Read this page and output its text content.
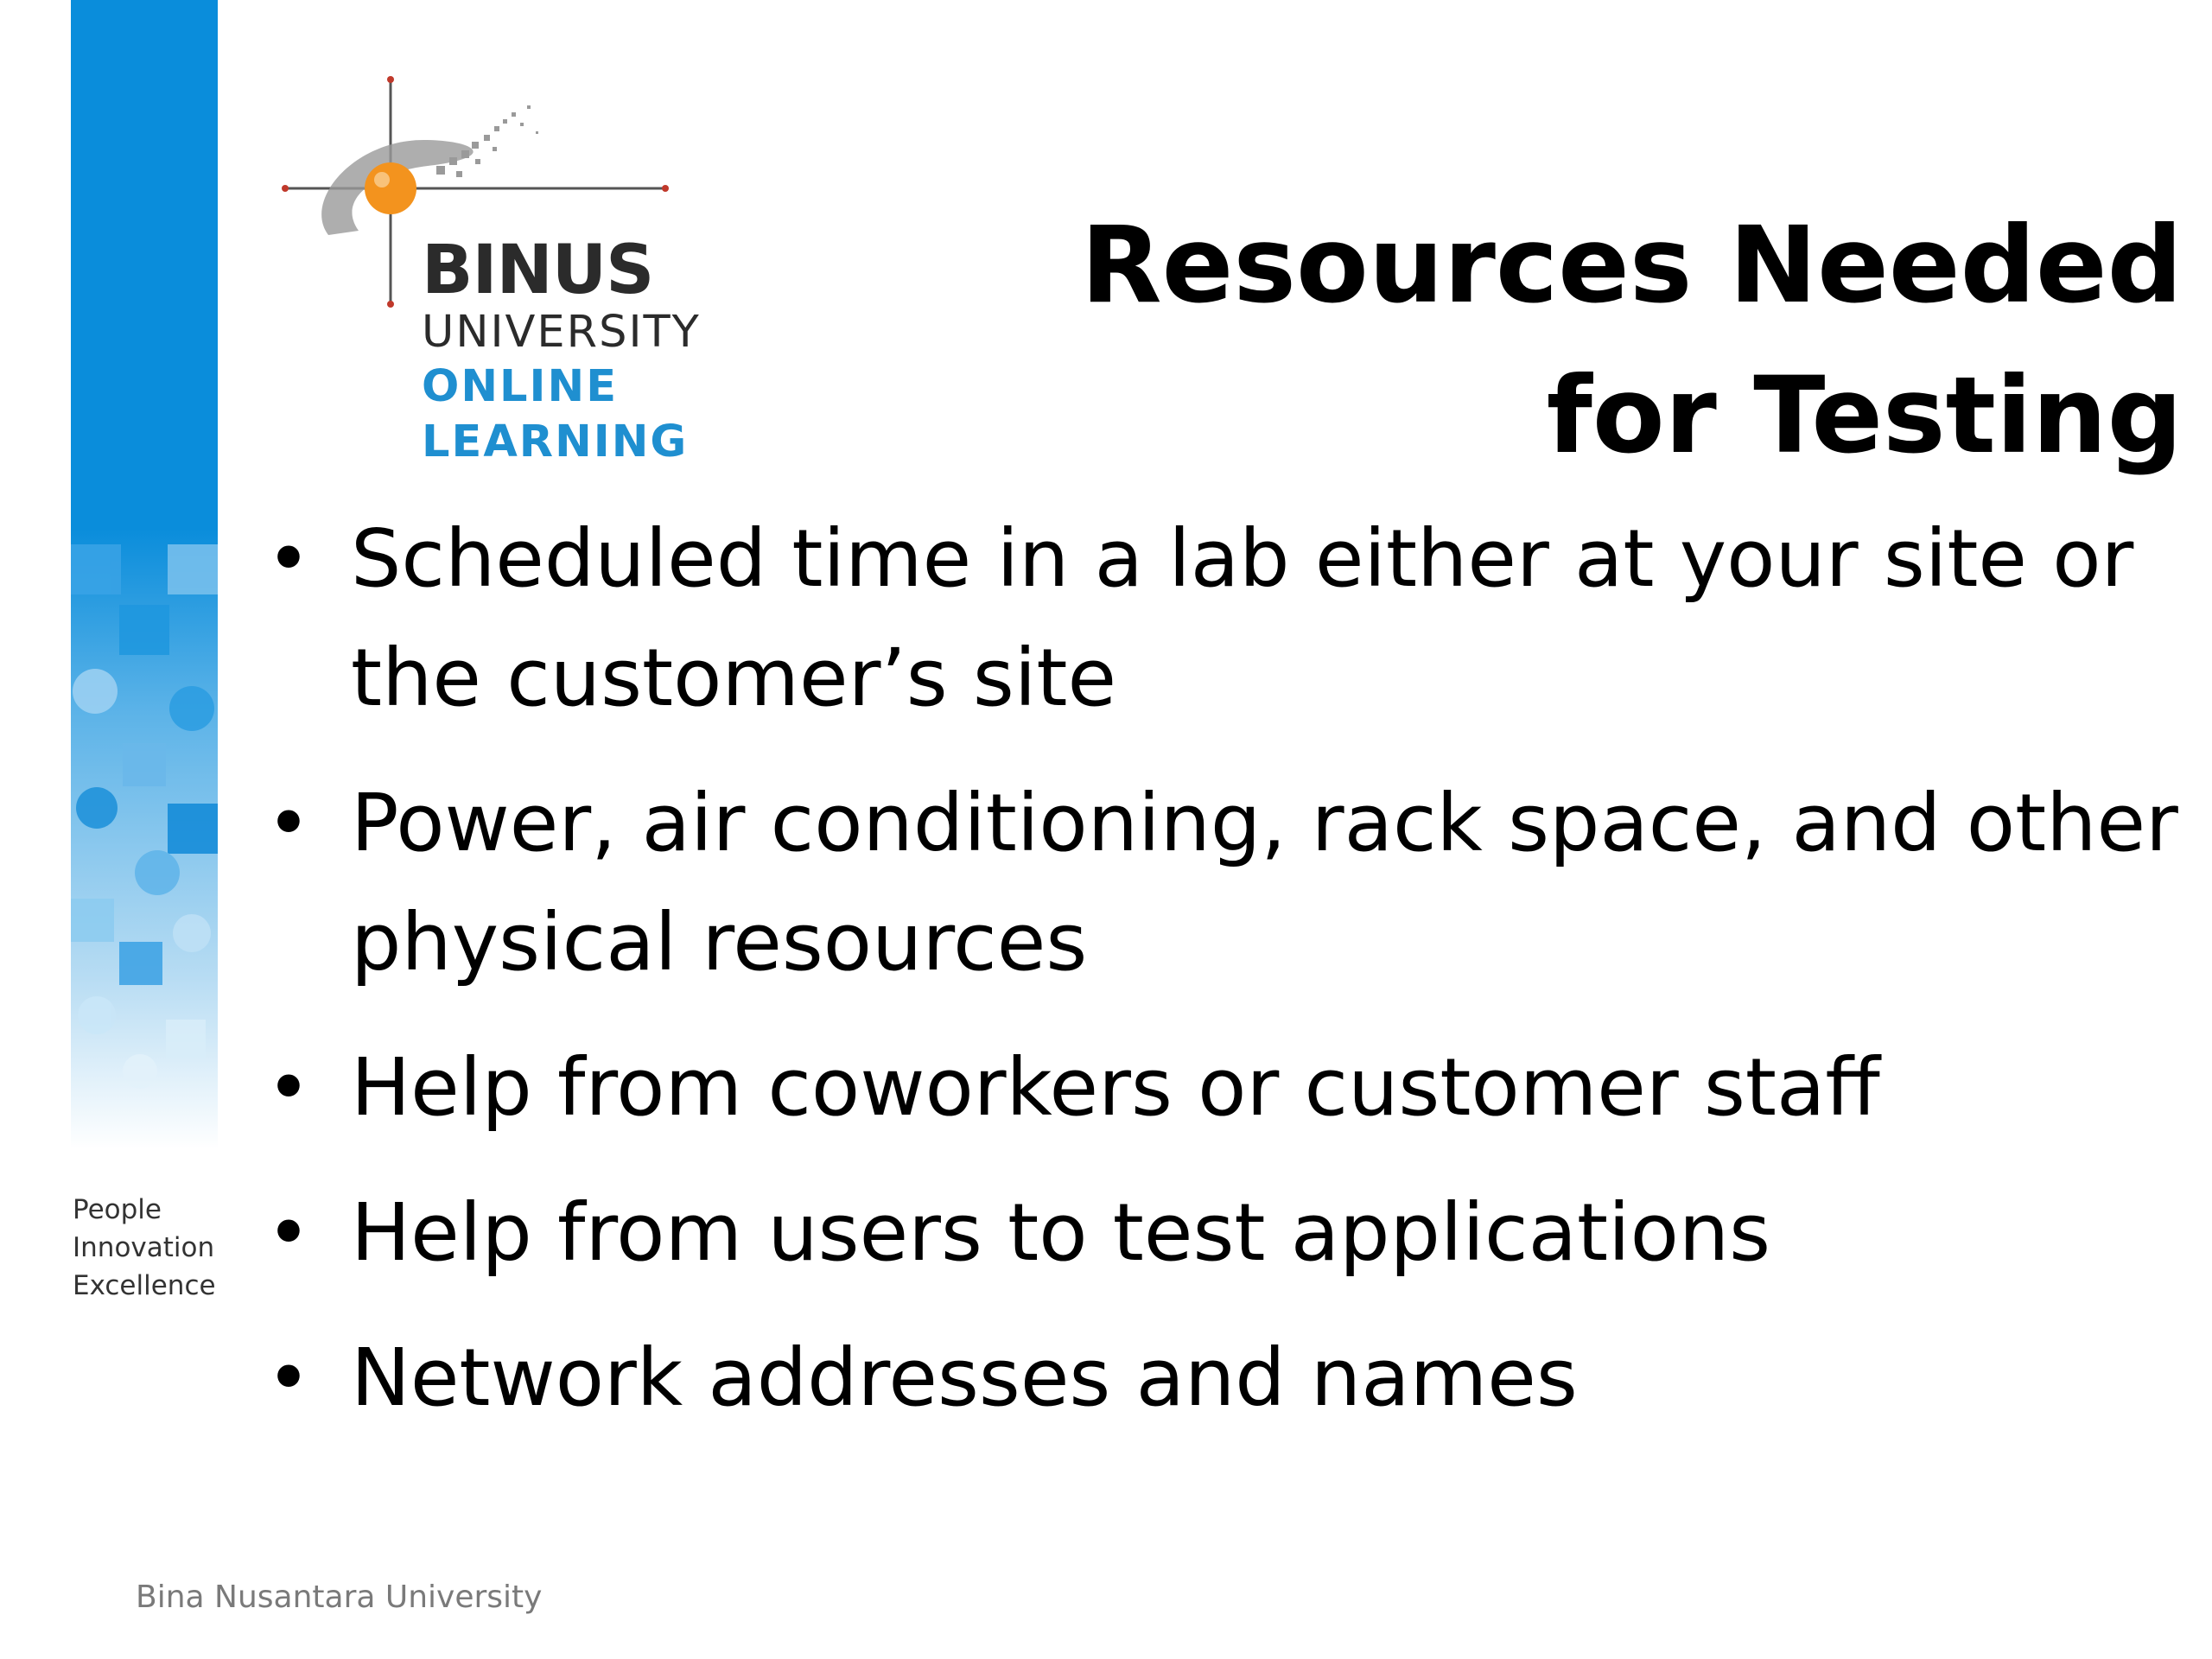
People
Innovation
Excellence
BINUS
UNIVERSITY
ONLINE
LEARNING
Resources Needed for Testing
• Scheduled time in a lab either at your site or the customer’s site
• Power, air conditioning, rack space, and other physical resources
• Help from coworkers or customer staff
• Help from users to test applications
• Network addresses and names
Bina Nusantara University
